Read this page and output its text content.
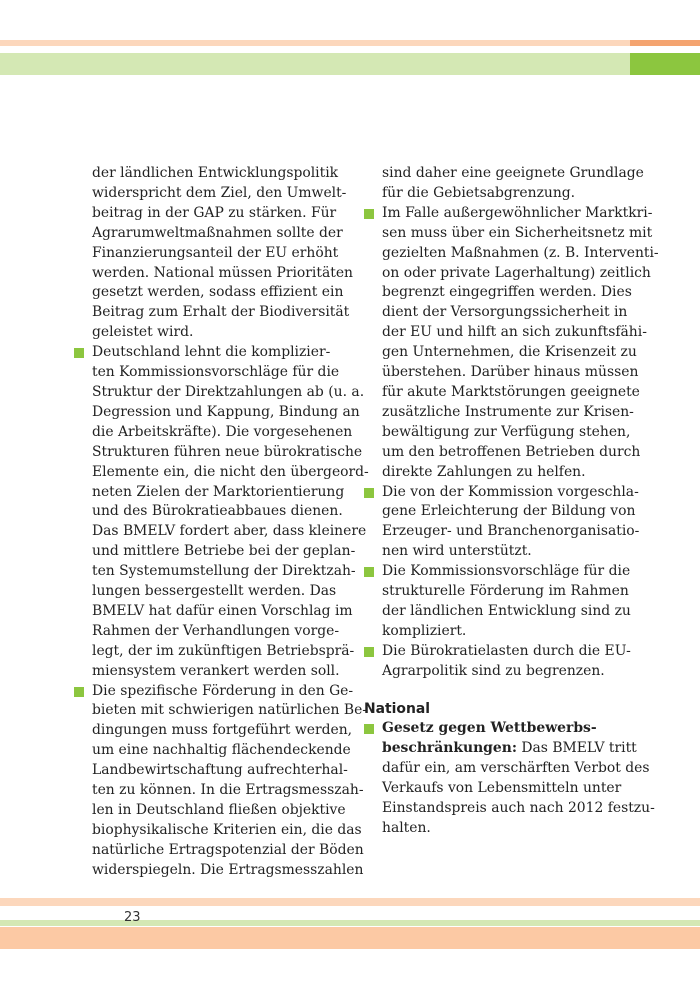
der ländlichen Entwicklungspolitik
widerspricht dem Ziel, den Umwelt-
beitrag in der GAP zu stärken. Für
Agrarumweltmaßnahmen sollte der
Finanzierungsanteil der EU erhöht
werden. National müssen Prioritäten
gesetzt werden, sodass effizient ein
Beitrag zum Erhalt der Biodiversität
geleistet wird.

Deutschland lehnt die komplizier-
ten Kommissionsvorschläge für die
Struktur der Direktzahlungen ab (u. a.
Degression und Kappung, Bindung an
die Arbeitskräfte). Die vorgesehenen
Strukturen führen neue bürokratische
Elemente ein, die nicht den übergeord-
neten Zielen der Marktorientierung
und des Bürokratieabbaues dienen.
Das BMELV fordert aber, dass kleinere
und mittlere Betriebe bei der geplan-
ten Systemumstellung der Direktzah-
lungen bessergestellt werden. Das
BMELV hat dafür einen Vorschlag im
Rahmen der Verhandlungen vorge-
legt, der im zukünftigen Betriebsprä-
miensystem verankert werden soll.

Die spezifische Förderung in den Ge-
bieten mit schwierigen natürlichen Be-
dingungen muss fortgeführt werden,
um eine nachhaltig flächendeckende
Landbewirtschaftung aufrechterhal-
ten zu können. In die Ertragsmesszah-
len in Deutschland fließen objektive
biophysikalische Kriterien ein, die das
natürliche Ertragspotenzial der Böden
widerspiegeln. Die Ertragsmesszahlen

sind daher eine geeignete Grundlage
für die Gebietsabgrenzung.

Im Falle außergewöhnlicher Marktkri-
sen muss über ein Sicherheitsnetz mit
gezielten Maßnahmen (z. B. Interventi-
on oder private Lagerhaltung) zeitlich
begrenzt eingegriffen werden. Dies
dient der Versorgungssicherheit in
der EU und hilft an sich zukunftsfähi-
gen Unternehmen, die Krisenzeit zu
überstehen. Darüber hinaus müssen
für akute Marktstörungen geeignete
zusätzliche Instrumente zur Krisen-
bewältigung zur Verfügung stehen,
um den betroffenen Betrieben durch
direkte Zahlungen zu helfen.

Die von der Kommission vorgeschla-
gene Erleichterung der Bildung von
Erzeuger- und Branchenorganisatio-
nen wird unterstützt.

Die Kommissionsvorschläge für die
strukturelle Förderung im Rahmen
der ländlichen Entwicklung sind zu
kompliziert.

Die Bürokratielasten durch die EU-
Agrarpolitik sind zu begrenzen.

National

Gesetz gegen Wettbewerbs-
beschränkungen: Das BMELV tritt
dafür ein, am verschärften Verbot des
Verkaufs von Lebensmitteln unter
Einstandspreis auch nach 2012 festzu-
halten.

23
